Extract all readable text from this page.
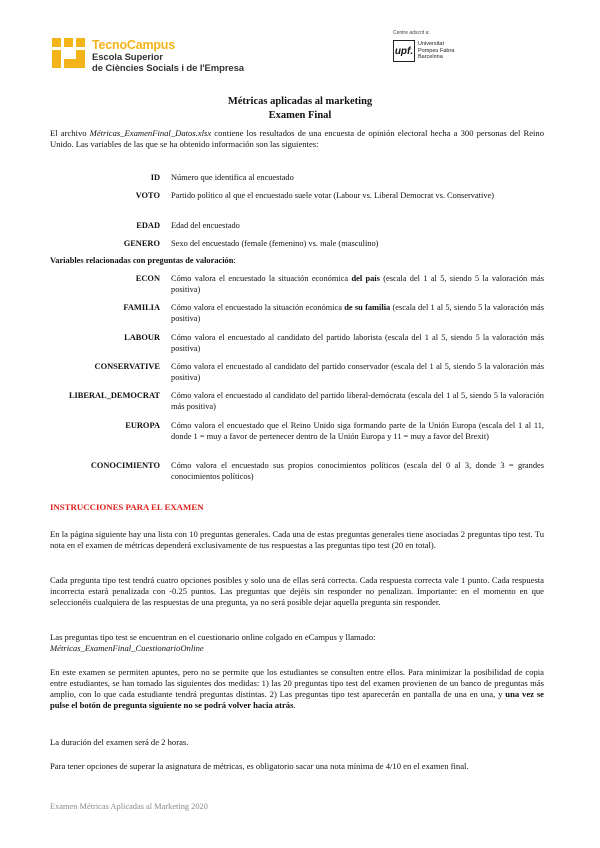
TecnoCampus
Escola Superior
de Ciències Socials i de l'Empresa
Centre adscrit a:
upf.
Universitat
Pompeu Fabra
Barcelona
Métricas aplicadas al marketing
Examen Final
El archivo Métricas_ExamenFinal_Datos.xlsx contiene los resultados de una encuesta de opinión electoral hecha a 300 personas del Reino Unido. Las variables de las que se ha obtenido información son las siguientes:
ID Número que identifica al encuestado
VOTO Partido político al que el encuestado suele votar (Labour vs. Liberal Democrat vs. Conservative)
EDAD Edad del encuestado
GENERO Sexo del encuestado (female (femenino) vs. male (masculino)
Variables relacionadas con preguntas de valoración:
ECON Cómo valora el encuestado la situación económica del país (escala del 1 al 5, siendo 5 la valoración más positiva)
FAMILIA Cómo valora el encuestado la situación económica de su familia (escala del 1 al 5, siendo 5 la valoración más positiva)
LABOUR Cómo valora el encuestado al candidato del partido laborista (escala del 1 al 5, siendo 5 la valoración más positiva)
CONSERVATIVE Cómo valora el encuestado al candidato del partido conservador (escala del 1 al 5, siendo 5 la valoración más positiva)
LIBERAL_DEMOCRAT Cómo valora el encuestado al candidato del partido liberal-demócrata (escala del 1 al 5, siendo 5 la valoración más positiva)
EUROPA Cómo valora el encuestado que el Reino Unido siga formando parte de la Unión Europa (escala del 1 al 11, donde 1 = muy a favor de pertenecer dentro de la Unión Europa y 11 = muy a favor del Brexit)
CONOCIMIENTO Cómo valora el encuestado sus propios conocimientos políticos (escala del 0 al 3, donde 3 = grandes conocimientos políticos)
INSTRUCCIONES PARA EL EXAMEN
En la página siguiente hay una lista con 10 preguntas generales. Cada una de estas preguntas generales tiene asociadas 2 preguntas tipo test. Tu nota en el examen de métricas dependerá exclusivamente de tus respuestas a las preguntas tipo test (20 en total).
Cada pregunta tipo test tendrá cuatro opciones posibles y solo una de ellas será correcta. Cada respuesta correcta vale 1 punto. Cada respuesta incorrecta estará penalizada con -0.25 puntos. Las preguntas que dejéis sin responder no penalizan. Importante: en el momento en que seleccionéis cualquiera de las respuestas de una pregunta, ya no será posible dejar aquella pregunta sin responder.
Las preguntas tipo test se encuentran en el cuestionario online colgado en eCampus y llamado:
Métricas_ExamenFinal_CuestionarioOnline
En este examen se permiten apuntes, pero no se permite que los estudiantes se consulten entre ellos. Para minimizar la posibilidad de copia entre estudiantes, se han tomado las siguientes dos medidas: 1) las 20 preguntas tipo test del examen provienen de un banco de preguntas más amplio, con lo que cada estudiante tendrá preguntas distintas. 2) Las preguntas tipo test aparecerán en pantalla de una en una, y una vez se pulse el botón de pregunta siguiente no se podrá volver hacia atrás.
La duración del examen será de 2 horas.
Para tener opciones de superar la asignatura de métricas, es obligatorio sacar una nota mínima de 4/10 en el examen final.
Examen Métricas Aplicadas al Marketing 2020
